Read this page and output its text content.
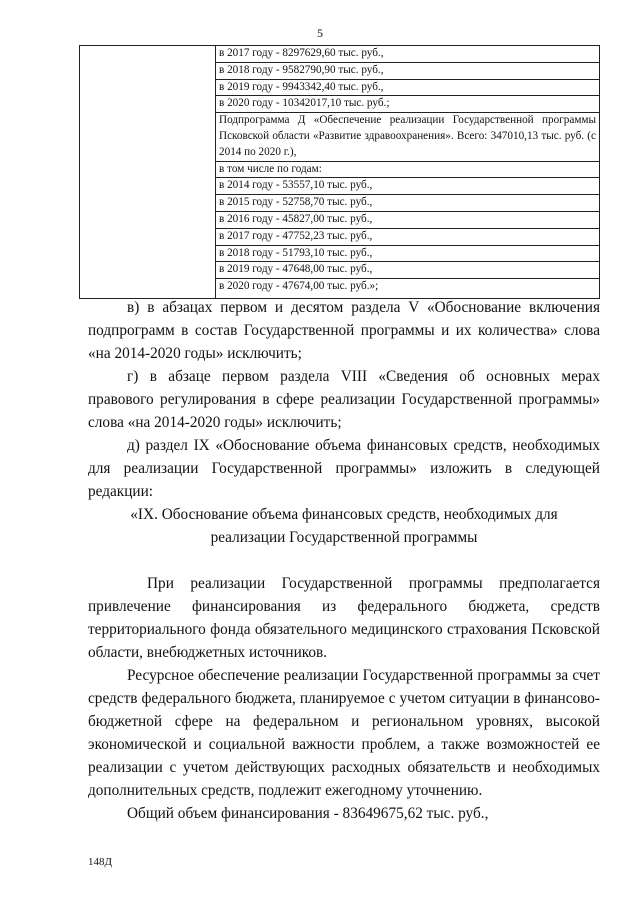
5
в 2017 году - 8297629,60 тыс. руб.,
в 2018 году - 9582790,90 тыс. руб.,
в 2019 году - 9943342,40 тыс. руб.,
в 2020 году - 10342017,10 тыс. руб.;
Подпрограмма Д «Обеспечение реализации Государственной программы Псковской области «Развитие здравоохранения». Всего: 347010,13 тыс. руб. (с 2014 по 2020 г.),
в том числе по годам:
в 2014 году - 53557,10 тыс. руб.,
в 2015 году - 52758,70 тыс. руб.,
в 2016 году - 45827,00 тыс. руб.,
в 2017 году - 47752,23 тыс. руб.,
в 2018 году - 51793,10 тыс. руб.,
в 2019 году - 47648,00 тыс. руб.,
в 2020 году - 47674,00 тыс. руб.»;

в) в абзацах первом и десятом раздела V «Обоснование включения подпрограмм в состав Государственной программы и их количества» слова «на 2014-2020 годы» исключить;

г) в абзаце первом раздела VIII «Сведения об основных мерах правового регулирования в сфере реализации Государственной программы» слова «на 2014-2020 годы» исключить;

д) раздел IX «Обоснование объема финансовых средств, необходимых для реализации Государственной программы» изложить в следующей редакции:

«IX. Обоснование объема финансовых средств, необходимых для

реализации Государственной программы

При реализации Государственной программы предполагается привлечение финансирования из федерального бюджета, средств территориального фонда обязательного медицинского страхования Псковской области, внебюджетных источников.

Ресурсное обеспечение реализации Государственной программы за счет средств федерального бюджета, планируемое с учетом ситуации в финансово-бюджетной сфере на федеральном и региональном уровнях, высокой экономической и социальной важности проблем, а также возможностей ее реализации с учетом действующих расходных обязательств и необходимых дополнительных средств, подлежит ежегодному уточнению.

Общий объем финансирования - 83649675,62 тыс. руб.,

148Д
